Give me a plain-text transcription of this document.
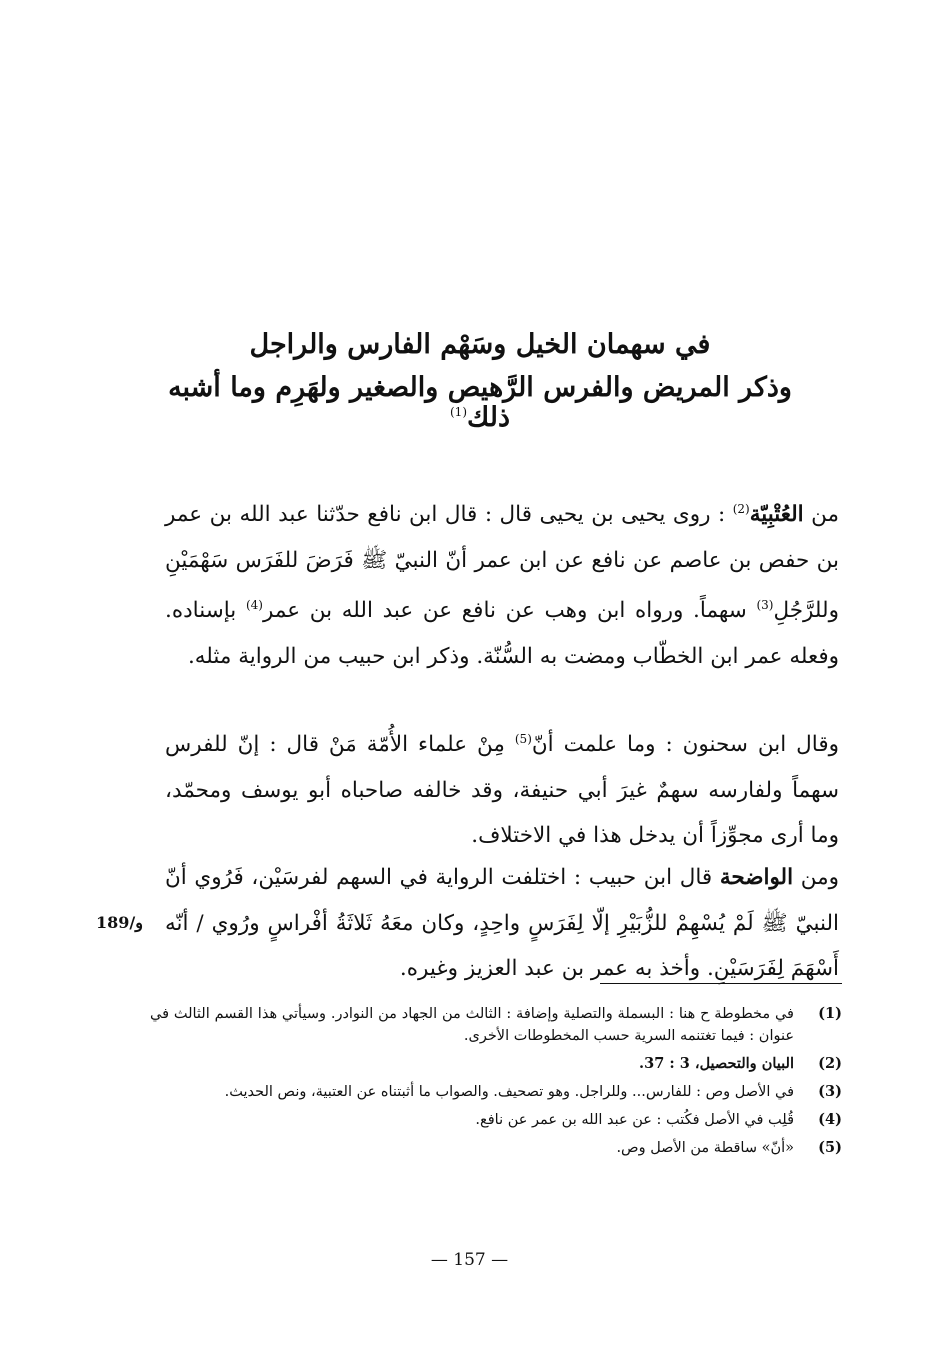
في سهمان الخيل وسَهْم الفارس والراجل
وذكر المريض والفرس الرَّهيص والصغير ولهَرِم وما أشبه ذلك$^{(1)}$
من العُتْبِيّة$^{(2)}$ : روى يحيى بن يحيى قال : قال ابن نافع حدّثنا عبد الله بن عمر بن حفص بن عاصم عن نافع عن ابن عمر أنّ النبيّ ﷺ فَرَضَ للفَرَس سَهْمَيْنِ وللرَّجُلِ$^{(3)}$ سهماً. ورواه ابن وهب عن نافع عن عبد الله بن عمر$^{(4)}$ بإسناده. وفعله عمر ابن الخطّاب ومضت به السُّنّة. وذكر ابن حبيب من الرواية مثله.
وقال ابن سحنون : وما علمت أنّ$^{(5)}$ مِنْ علماء الأُمّة مَنْ قال : إنّ للفرس سهماً ولفارسه سهمٌ غيرَ أبي حنيفة، وقد خالفه صاحباه أبو يوسف ومحمّد، وما أرى مجوِّزاً أن يدخل هذا في الاختلاف.
ومن الواضحة قال ابن حبيب : اختلفت الرواية في السهم لفرسَيْن، فَرُوي أنّ النبيّ ﷺ لَمْ يُسْهِمْ للزُّبَيْرِ إلّا لِفَرَسٍ واحِدٍ، وكان معَهُ ثَلاثَةُ أفْراسٍ ورُوي / أنّه أَسْهَمَ لِفَرَسَيْنِ. وأخذ به عمر بن عبد العزيز وغيره.
189/و
(1)
في مخطوطة ح هنا : البسملة والتصلية وإضافة : الثالث من الجهاد من النوادر. وسيأتي هذا القسم الثالث في عنوان : فيما تغتنمه السرية حسب المخطوطات الأخرى.
(2)
البيان والتحصيل، 3 : 37.
(3)
في الأصل وص : للفارس... وللراجل. وهو تصحيف. والصواب ما أثبتناه عن العتبية، ونص الحديث.
(4)
قُلِب في الأصل فكُتب : عن عبد الله بن عمر عن نافع.
(5)
«أنّ» ساقطة من الأصل وص.
— 157 —
